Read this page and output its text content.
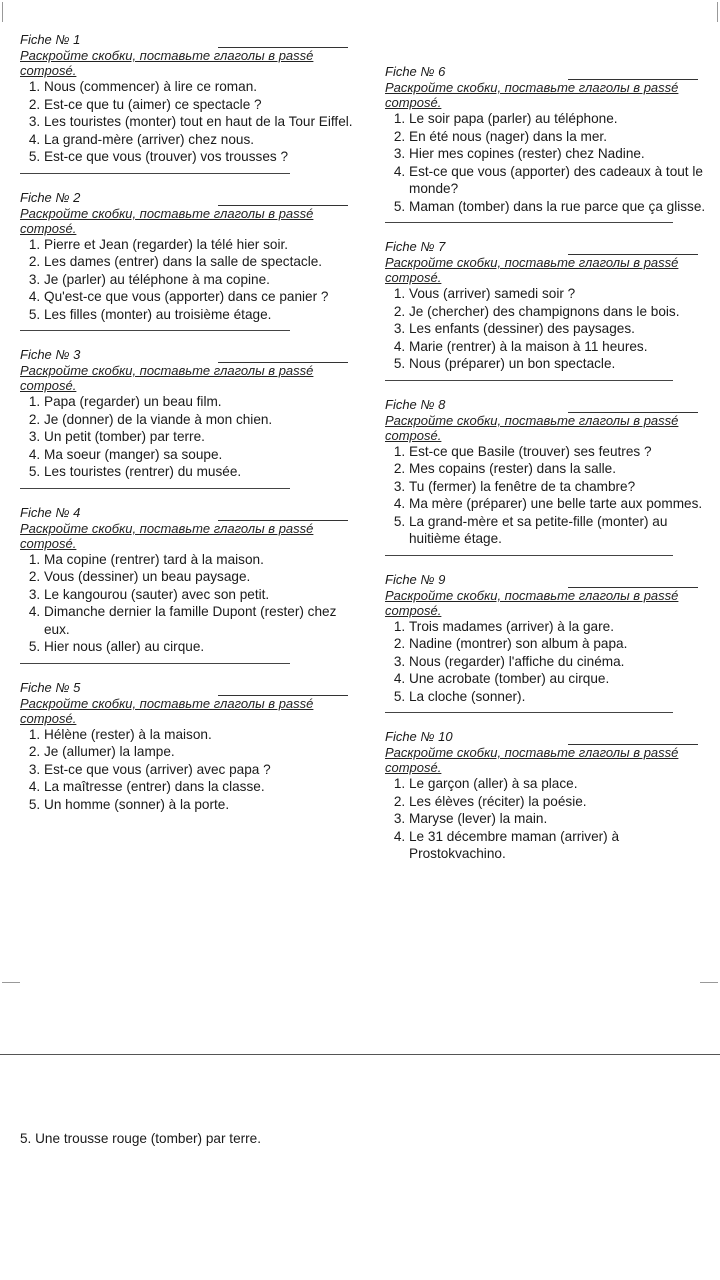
Fiche № 1
Раскройте скобки, поставьте глаголы в passé composé.
1. Nous (commencer) à lire ce roman.
2. Est-ce que tu (aimer) ce spectacle ?
3. Les touristes (monter) tout en haut de la Tour Eiffel.
4. La grand-mère (arriver) chez nous.
5. Est-ce que vous (trouver) vos trousses ?
Fiche № 2
Раскройте скобки, поставьте глаголы в passé composé.
1. Pierre et Jean (regarder) la télé hier soir.
2. Les dames (entrer) dans la salle de spectacle.
3. Je (parler) au téléphone à ma copine.
4. Qu'est-ce que vous (apporter) dans ce panier ?
5. Les filles (monter) au troisième étage.
Fiche № 3
Раскройте скобки, поставьте глаголы в passé composé.
1. Papa (regarder) un beau film.
2. Je (donner) de la viande à mon chien.
3. Un petit (tomber) par terre.
4. Ma soeur (manger) sa soupe.
5. Les touristes (rentrer) du musée.
Fiche № 4
Раскройте скобки, поставьте глаголы в passé composé.
1. Ma copine (rentrer) tard à la maison.
2. Vous (dessiner) un beau paysage.
3. Le kangourou (sauter) avec son petit.
4. Dimanche dernier la famille Dupont (rester) chez eux.
5. Hier nous (aller) au cirque.
Fiche № 5
Раскройте скобки, поставьте глаголы в passé composé.
1. Hélène (rester) à la maison.
2. Je (allumer) la lampe.
3. Est-ce que vous (arriver) avec papa ?
4. La maîtresse (entrer) dans la classe.
5. Un homme (sonner) à la porte.
Fiche № 6
Раскройте скобки, поставьте глаголы в passé composé.
1. Le soir papa (parler) au téléphone.
2. En été nous (nager) dans la mer.
3. Hier mes copines (rester) chez Nadine.
4. Est-ce que vous (apporter) des cadeaux à tout le monde?
5. Maman (tomber) dans la rue parce que ça glisse.
Fiche № 7
Раскройте скобки, поставьте глаголы в passé composé.
1. Vous (arriver) samedi soir ?
2. Je (chercher) des champignons dans le bois.
3. Les enfants (dessiner) des paysages.
4. Marie (rentrer) à la maison à 11 heures.
5. Nous (préparer) un bon spectacle.
Fiche № 8
Раскройте скобки, поставьте глаголы в passé composé.
1. Est-ce que Basile (trouver) ses feutres ?
2. Mes copains (rester) dans la salle.
3. Tu (fermer) la fenêtre de ta chambre?
4. Ma mère (préparer) une belle tarte aux pommes.
5. La grand-mère et sa petite-fille (monter) au huitième étage.
Fiche № 9
Раскройте скобки, поставьте глаголы в passé composé.
1. Trois madames (arriver) à la gare.
2. Nadine (montrer) son album à papa.
3. Nous (regarder) l'affiche du cinéma.
4. Une acrobate (tomber) au cirque.
5. La cloche (sonner).
Fiche № 10
Раскройте скобки, поставьте глаголы в passé composé.
1. Le garçon (aller) à sa place.
2. Les élèves (réciter) la poésie.
3. Maryse (lever) la main.
4. Le 31 décembre maman (arriver) à Prostokvachino.
5. Une trousse rouge (tomber) par terre.
